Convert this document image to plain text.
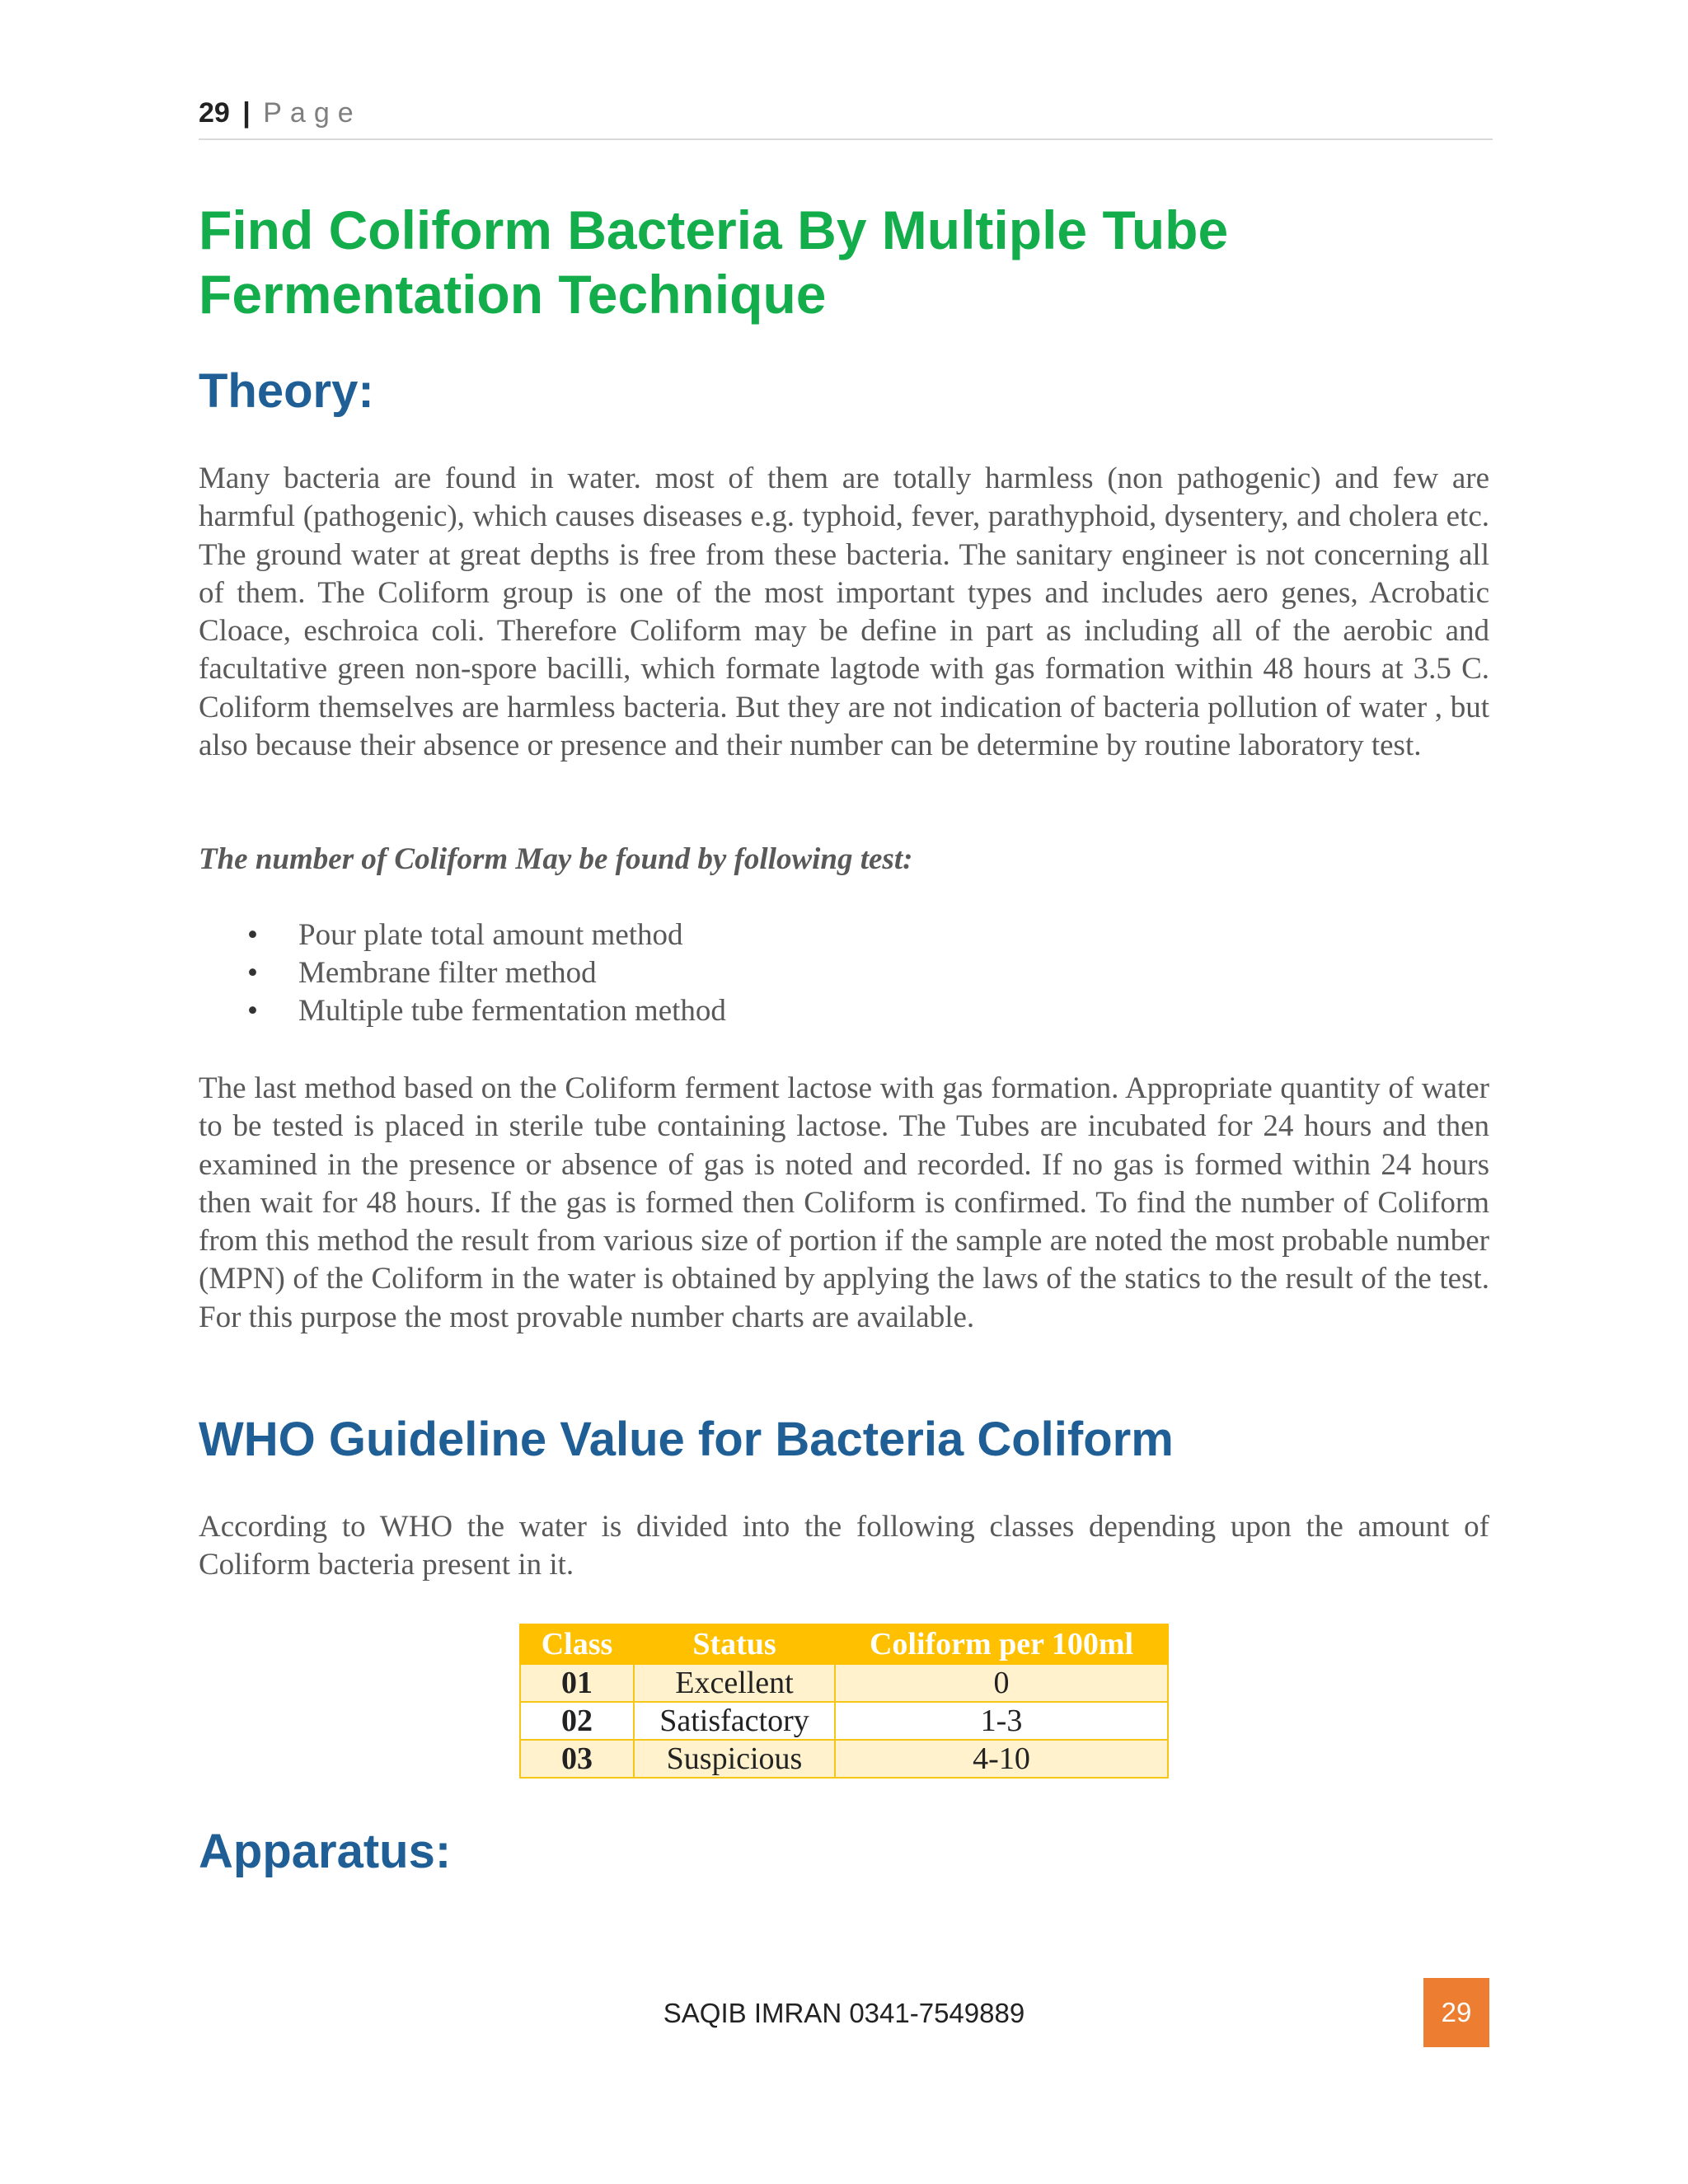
29 | Page
Find Coliform Bacteria By Multiple Tube Fermentation Technique
Theory:

Many bacteria are found in water. most of them are totally harmless (non pathogenic) and few are harmful (pathogenic), which causes diseases e.g. typhoid, fever, parathyphoid, dysentery, and cholera etc. The ground water at great depths is free from these bacteria. The sanitary engineer is not concerning all of them. The Coliform group is one of the most important types and includes aero genes, Acrobatic Cloace, eschroica coli. Therefore Coliform may be define in part as including all of the aerobic and facultative green non-spore bacilli, which formate lagtode with gas formation within 48 hours at 3.5 C. Coliform themselves are harmless bacteria. But they are not indication of bacteria pollution of water , but also because their absence or presence and their number can be determine by routine laboratory test.

The number of Coliform May be found by following test:

• Pour plate total amount method
• Membrane filter method
• Multiple tube fermentation method

The last method based on the Coliform ferment lactose with gas formation. Appropriate quantity of water to be tested is placed in sterile tube containing lactose. The Tubes are incubated for 24 hours and then examined in the presence or absence of gas is noted and recorded. If no gas is formed within 24 hours then wait for 48 hours. If the gas is formed then Coliform is confirmed. To find the number of Coliform from this method the result from various size of portion if the sample are noted the most probable number (MPN) of the Coliform in the water is obtained by applying the laws of the statics to the result of the test. For this purpose the most provable number charts are available.

WHO Guideline Value for Bacteria Coliform

According to WHO the water is divided into the following classes depending upon the amount of Coliform bacteria present in it.

Class	Status	Coliform per 100ml
01	Excellent	0
02	Satisfactory	1-3
03	Suspicious	4-10
Apparatus:
SAQIB IMRAN 0341-7549889	29
